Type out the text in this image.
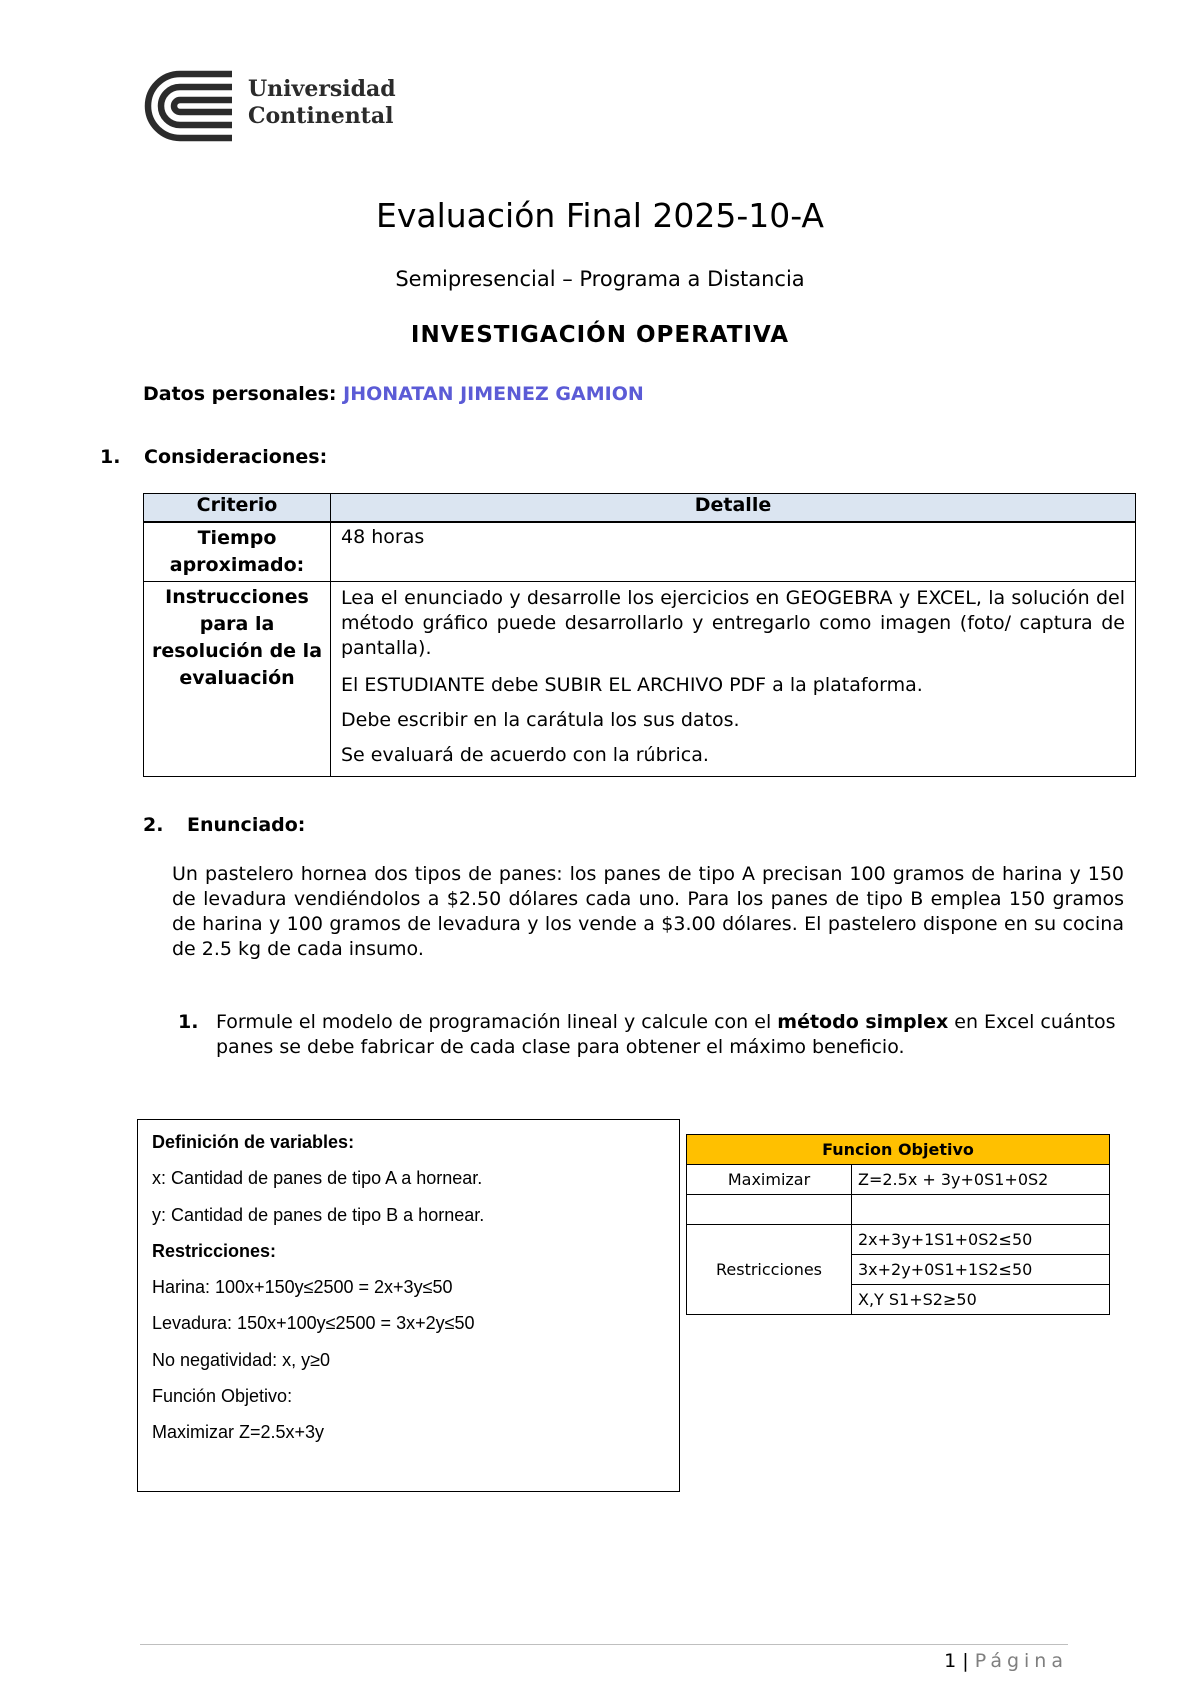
Universidad
Continental
Evaluación Final 2025-10-A
Semipresencial – Programa a Distancia
INVESTIGACIÓN OPERATIVA
Datos personales: JHONATAN JIMENEZ GAMION
1. Consideraciones:
Criterio	Detalle
Tiempo aproximado:	48 horas

Instrucciones para la resolución de la evaluación	Lea el enunciado y desarrolle los ejercicios en GEOGEBRA y EXCEL, la solución del método gráfico puede desarrollarlo y entregarlo como imagen (foto/ captura de pantalla).

El ESTUDIANTE debe SUBIR EL ARCHIVO PDF a la plataforma.

Debe escribir en la carátula los sus datos.

Se evaluará de acuerdo con la rúbrica.

2. Enunciado:
Un pastelero hornea dos tipos de panes: los panes de tipo A precisan 100 gramos de harina y 150 de levadura vendiéndolos a $2.50 dólares cada uno. Para los panes de tipo B emplea 150 gramos de harina y 100 gramos de levadura y los vende a $3.00 dólares. El pastelero dispone en su cocina de 2.5 kg de cada insumo.
1. Formule el modelo de programación lineal y calcule con el método simplex en Excel cuántos panes se debe fabricar de cada clase para obtener el máximo beneficio.
Definición de variables:
x: Cantidad de panes de tipo A a hornear.
y: Cantidad de panes de tipo B a hornear.
Restricciones:
Harina: 100x+150y≤2500 = 2x+3y≤50
Levadura: 150x+100y≤2500 = 3x+2y≤50
No negatividad: x, y≥0
Función Objetivo:
Maximizar Z=2.5x+3y
Funcion Objetivo	
Maximizar	Z=2.5x + 3y+0S1+0S2

Restricciones	2x+3y+1S1+0S2≤50
	3x+2y+0S1+1S2≤50
	X,Y S1+S2≥50
1 | Página
